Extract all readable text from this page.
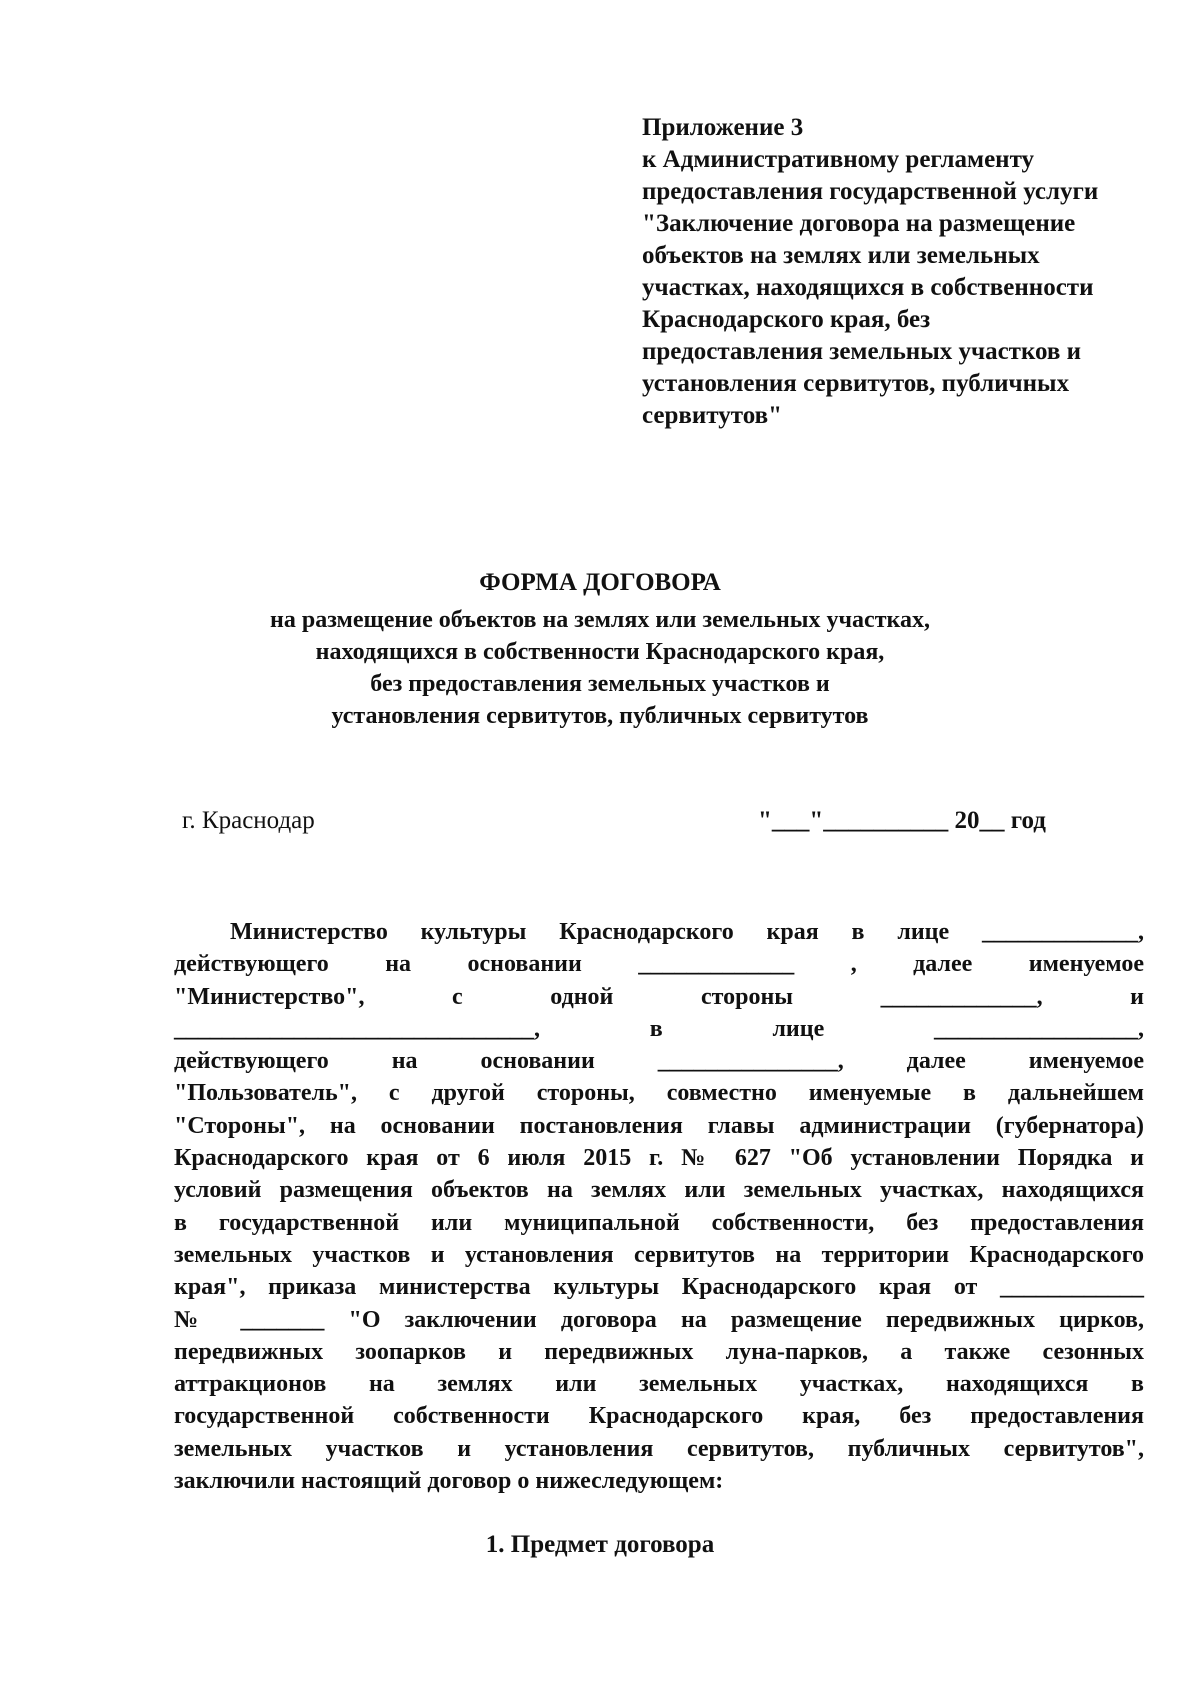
Приложение 3
к Административному регламенту
предоставления государственной услуги
"Заключение договора на размещение
объектов на землях или земельных
участках, находящихся в собственности
Краснодарского края, без
предоставления земельных участков и
установления сервитутов, публичных
сервитутов"
ФОРМА ДОГОВОРА
на размещение объектов на землях или земельных участках,
находящихся в собственности Краснодарского края,
без предоставления земельных участков и
установления сервитутов, публичных сервитутов
г. Краснодар	"___"__________ 20__ год
Министерство культуры Краснодарского края в лице _____________,
действующего на основании _____________ , далее именуемое
"Министерство", с одной стороны _____________, и
______________________________, в лице _________________,
действующего на основании _______________, далее именуемое
"Пользователь", с другой стороны, совместно именуемые в дальнейшем
"Стороны", на основании постановления главы администрации (губернатора)
Краснодарского края от 6 июля 2015 г. № 627 "Об установлении Порядка и
условий размещения объектов на землях или земельных участках, находящихся
в государственной или муниципальной собственности, без предоставления
земельных участков и установления сервитутов на территории Краснодарского
края", приказа министерства культуры Краснодарского края от ____________
№ _______ "О заключении договора на размещение передвижных цирков,
передвижных зоопарков и передвижных луна-парков, а также сезонных
аттракционов на землях или земельных участках, находящихся в
государственной собственности Краснодарского края, без предоставления
земельных участков и установления сервитутов, публичных сервитутов",
заключили настоящий договор о нижеследующем:
1. Предмет договора
